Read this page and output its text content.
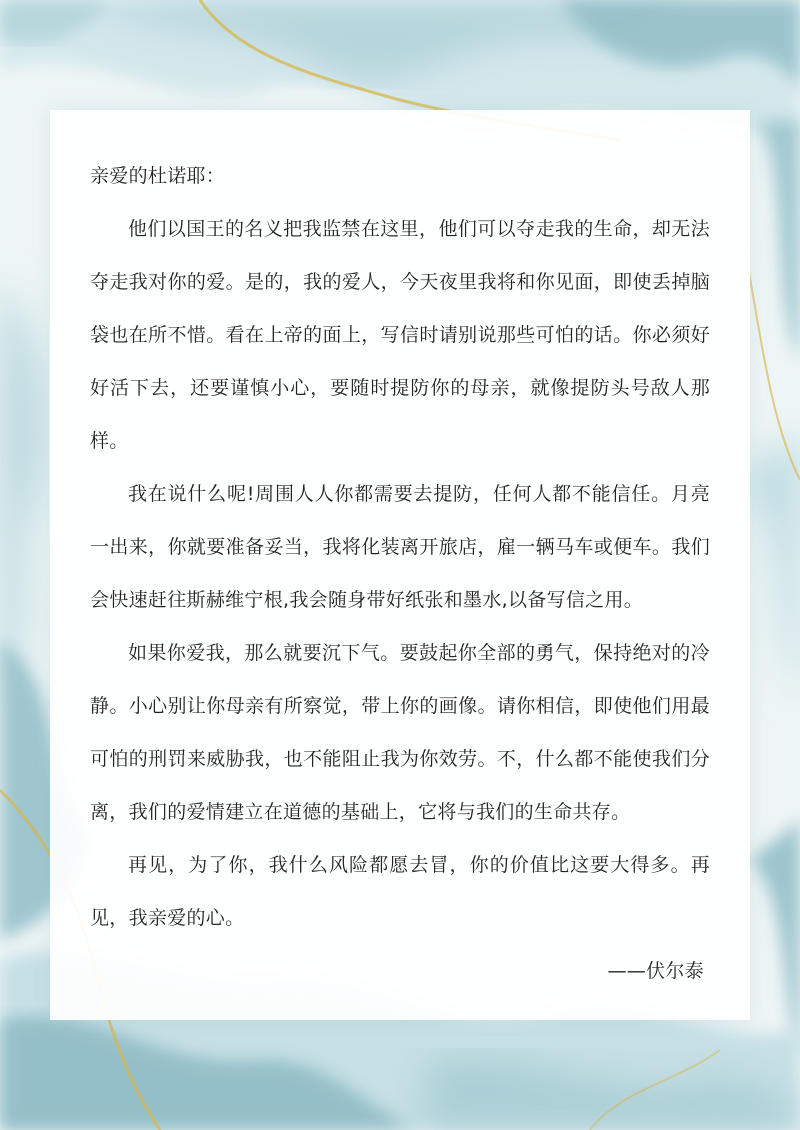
亲爱的杜诺耶：

他们以国王的名义把我监禁在这里，他们可以夺走我的生命，却无法夺走我对你的爱。是的，我的爱人，今天夜里我将和你见面，即使丢掉脑袋也在所不惜。看在上帝的面上，写信时请别说那些可怕的话。你必须好好活下去，还要谨慎小心，要随时提防你的母亲，就像提防头号敌人那样。

我在说什么呢!周围人人你都需要去提防，任何人都不能信任。月亮一出来，你就要准备妥当，我将化装离开旅店，雇一辆马车或便车。我们会快速赶往斯赫维宁根,我会随身带好纸张和墨水,以备写信之用。

如果你爱我，那么就要沉下气。要鼓起你全部的勇气，保持绝对的冷静。小心别让你母亲有所察觉，带上你的画像。请你相信，即使他们用最可怕的刑罚来威胁我，也不能阻止我为你效劳。不，什么都不能使我们分离，我们的爱情建立在道德的基础上，它将与我们的生命共存。

再见，为了你，我什么风险都愿去冒，你的价值比这要大得多。再见，我亲爱的心。

——伏尔泰
